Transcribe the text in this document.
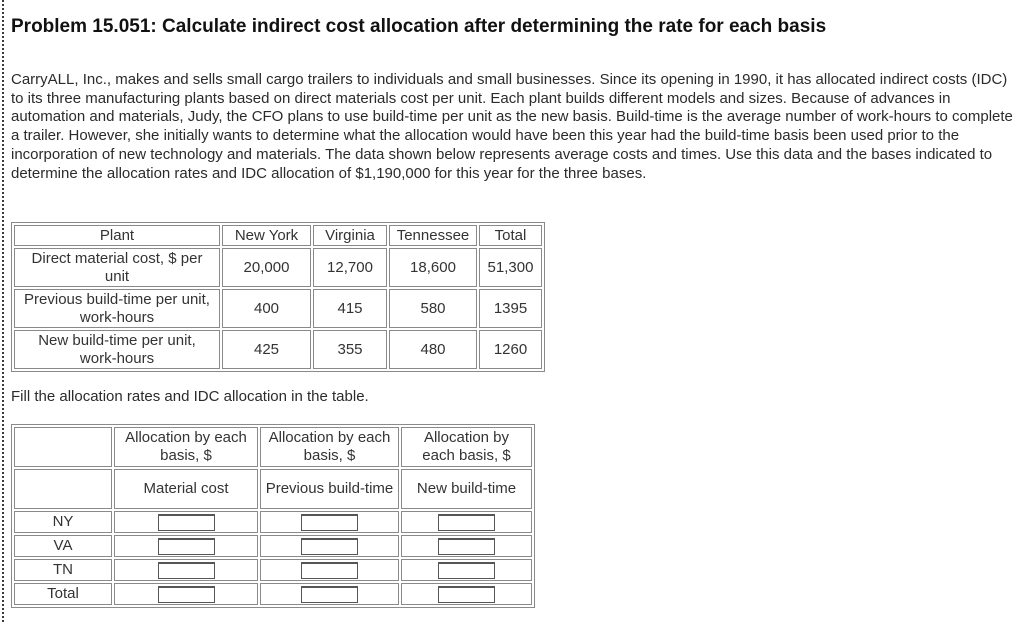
Problem 15.051: Calculate indirect cost allocation after determining the rate for each basis

CarryALL, Inc., makes and sells small cargo trailers to individuals and small businesses. Since its opening in 1990, it has allocated indirect costs (IDC) to its three manufacturing plants based on direct materials cost per unit. Each plant builds different models and sizes. Because of advances in automation and materials, Judy, the CFO plans to use build-time per unit as the new basis. Build-time is the average number of work-hours to complete a trailer. However, she initially wants to determine what the allocation would have been this year had the build-time basis been used prior to the incorporation of new technology and materials. The data shown below represents average costs and times. Use this data and the bases indicated to determine the allocation rates and IDC allocation of $1,190,000 for this year for the three bases.

Plant	New York	Virginia	Tennessee	Total
Direct material cost, $ per unit	20,000	12,700	18,600	51,300
Previous build-time per unit, work-hours	400	415	580	1395
New build-time per unit, work-hours	425	355	480	1260

Fill the allocation rates and IDC allocation in the table.

	Allocation by each basis, $	Allocation by each basis, $	Allocation by each basis, $
	Material cost	Previous build-time	New build-time
NY			
VA			
TN			
Total			
